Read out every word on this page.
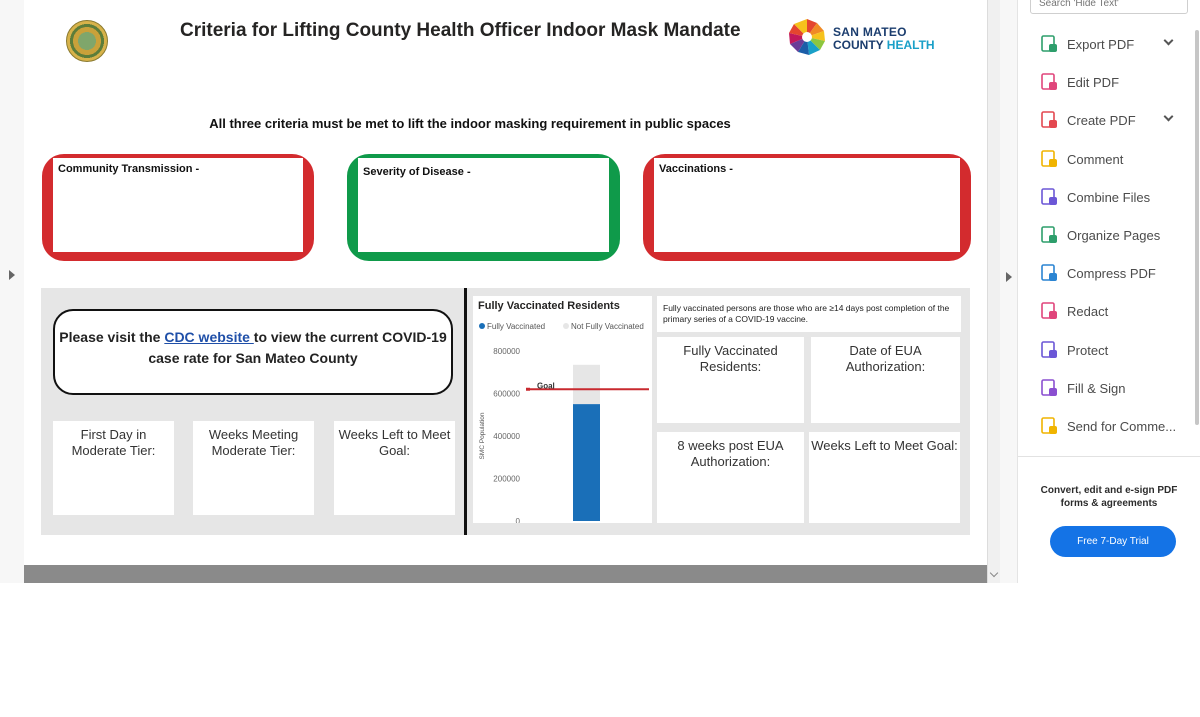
Criteria for Lifting County Health Officer Indoor Mask Mandate	SAN MATEO
COUNTY HEALTH
All three criteria must be met to lift the indoor masking requirement in public spaces
Community Transmission -	Severity of Disease -	Vaccinations -
Please visit the CDC website to view the current COVID-19 case rate for San Mateo County
First Day in Moderate Tier:
Weeks Meeting Moderate Tier:
Weeks Left to Meet Goal:
Fully Vaccinated Residents
Fully Vaccinated	Not Fully Vaccinated
0
200000
400000
600000
800000
SMC Population
Goal
Fully vaccinated persons are those who are ≥14 days post completion of the primary series of a COVID-19 vaccine.
Fully Vaccinated Residents:
Date of EUA Authorization:
8 weeks post EUA Authorization:
Weeks Left to Meet Goal:
Search 'Hide Text'
Export PDF
Edit PDF
Create PDF
Comment
Combine Files
Organize Pages
Compress PDF
Redact
Protect
Fill & Sign
Send for Comme...
Convert, edit and e-sign PDF forms & agreements
Free 7-Day Trial
